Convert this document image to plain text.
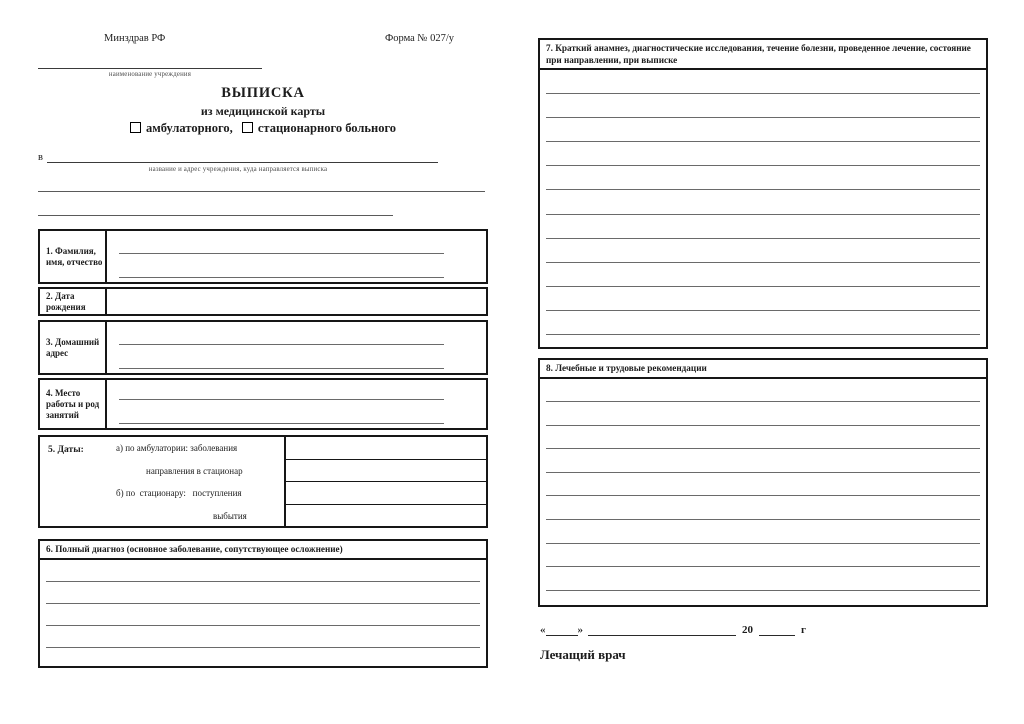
Минздрав РФ	Форма № 027/у
наименование учреждения
ВЫПИСКА
из медицинской карты
амбулаторного, стационарного больного
в
название и адрес учреждения, куда направляется выписка
1. Фамилия, имя, отчество
2. Дата рождения
3. Домашний адрес
4. Место работы и род занятий
5. Даты:	а) по амбулатории: заболевания
направления в стационар
б) по  стационару:   поступления
выбытия
6. Полный диагноз (основное заболевание, сопутствующее осложнение)
7. Краткий анамнез, диагностические исследования, течение болезни, проведенное лечение, состояние при направлении, при выписке
8. Лечебные и трудовые рекомендации
«	»	20	г
Лечащий врач
